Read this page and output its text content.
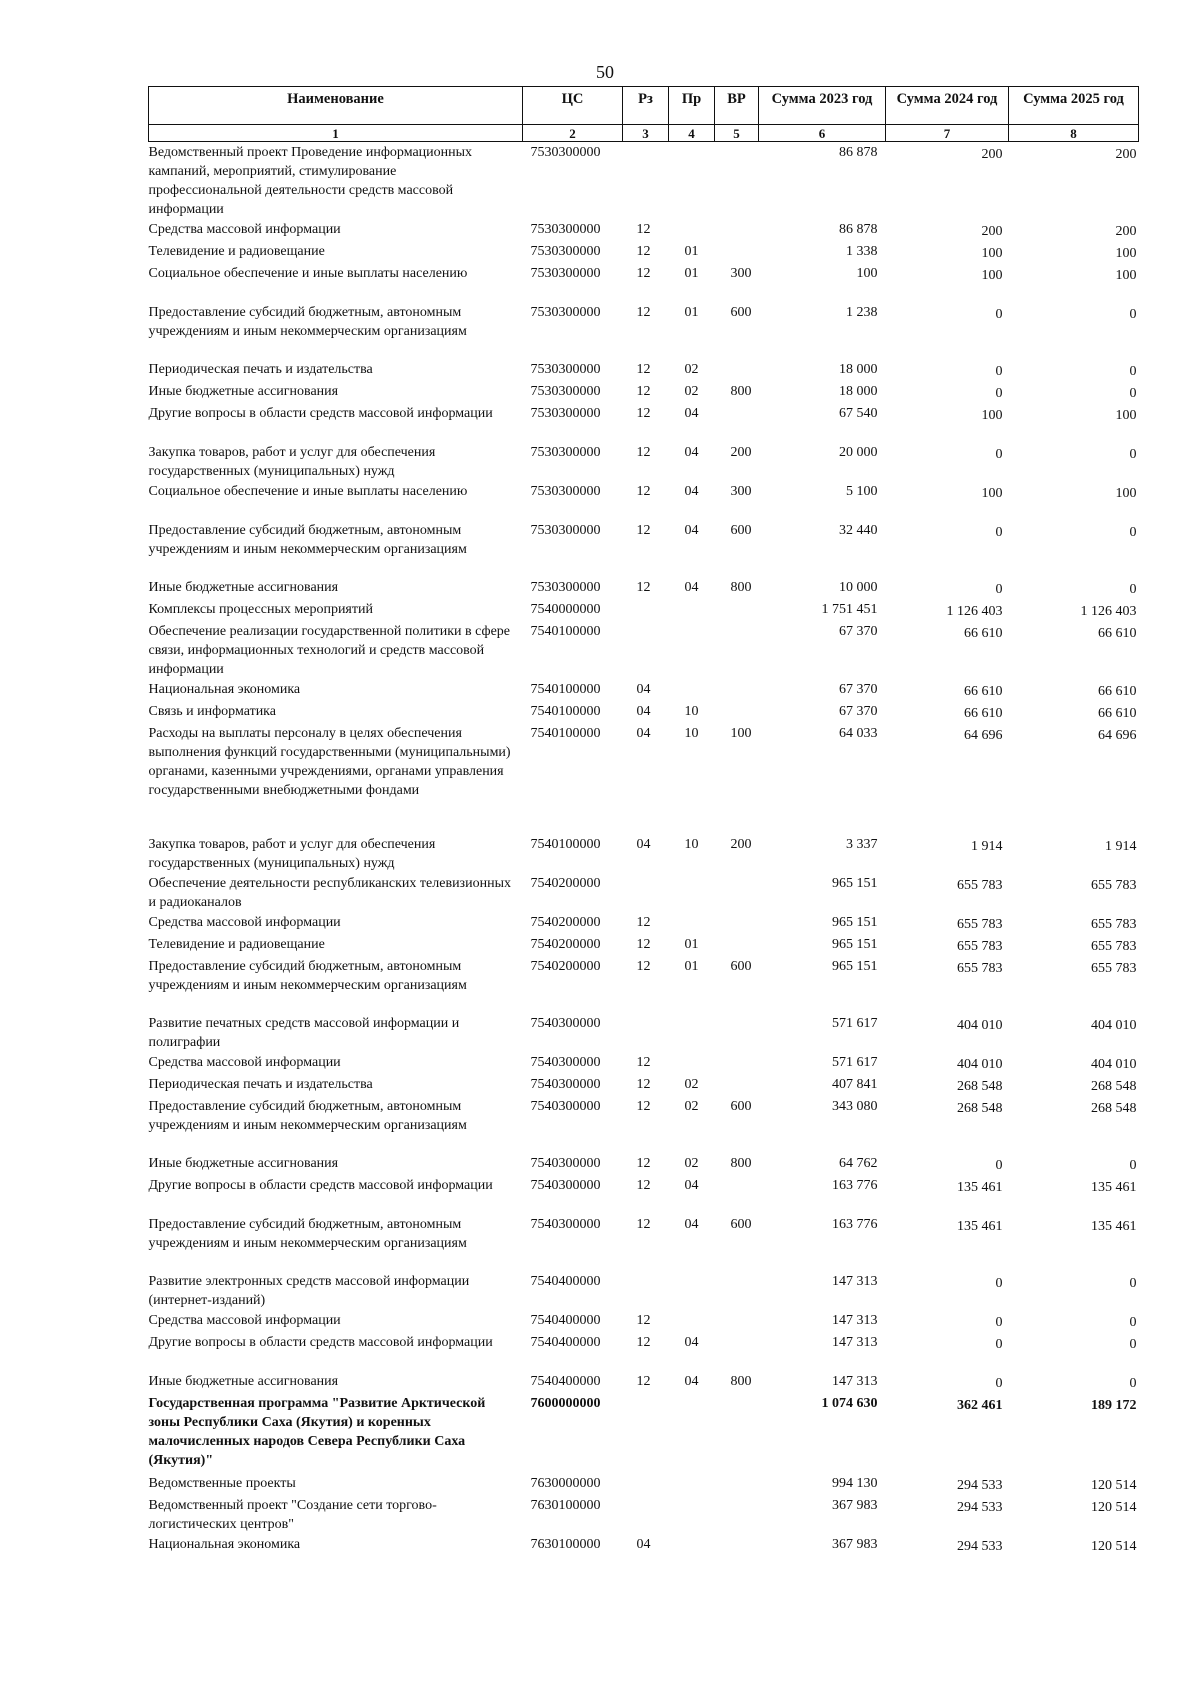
50
Наименование	ЦС	Рз	Пр	ВР	Сумма 2023 год	Сумма 2024 год	Сумма 2025 год
1	2	3	4	5	6	7	8
Ведомственный проект Проведение информационных кампаний, мероприятий, стимулирование профессиональной деятельности средств массовой информации	7530300000				86 878	200	200
Средства массовой информации	7530300000	12			86 878	200	200
Телевидение и радиовещание	7530300000	12	01		1 338	100	100
Социальное обеспечение и иные выплаты населению	7530300000	12	01	300	100	100	100
Предоставление субсидий бюджетным, автономным учреждениям и иным некоммерческим организациям	7530300000	12	01	600	1 238	0	0
Периодическая печать и издательства	7530300000	12	02		18 000	0	0
Иные бюджетные ассигнования	7530300000	12	02	800	18 000	0	0
Другие вопросы в области средств массовой информации	7530300000	12	04		67 540	100	100
Закупка товаров, работ и услуг для обеспечения государственных (муниципальных) нужд	7530300000	12	04	200	20 000	0	0
Социальное обеспечение и иные выплаты населению	7530300000	12	04	300	5 100	100	100
Предоставление субсидий бюджетным, автономным учреждениям и иным некоммерческим организациям	7530300000	12	04	600	32 440	0	0
Иные бюджетные ассигнования	7530300000	12	04	800	10 000	0	0
Комплексы процессных мероприятий	7540000000				1 751 451	1 126 403	1 126 403
Обеспечение реализации государственной политики в сфере связи, информационных технологий и средств массовой информации	7540100000				67 370	66 610	66 610
Национальная экономика	7540100000	04			67 370	66 610	66 610
Связь и информатика	7540100000	04	10		67 370	66 610	66 610
Расходы на выплаты персоналу в целях обеспечения выполнения функций государственными (муниципальными) органами, казенными учреждениями, органами управления государственными внебюджетными фондами	7540100000	04	10	100	64 033	64 696	64 696
Закупка товаров, работ и услуг для обеспечения государственных (муниципальных) нужд	7540100000	04	10	200	3 337	1 914	1 914
Обеспечение деятельности республиканских телевизионных и радиоканалов	7540200000				965 151	655 783	655 783
Средства массовой информации	7540200000	12			965 151	655 783	655 783
Телевидение и радиовещание	7540200000	12	01		965 151	655 783	655 783
Предоставление субсидий бюджетным, автономным учреждениям и иным некоммерческим организациям	7540200000	12	01	600	965 151	655 783	655 783
Развитие печатных средств массовой информации и полиграфии	7540300000				571 617	404 010	404 010
Средства массовой информации	7540300000	12			571 617	404 010	404 010
Периодическая печать и издательства	7540300000	12	02		407 841	268 548	268 548
Предоставление субсидий бюджетным, автономным учреждениям и иным некоммерческим организациям	7540300000	12	02	600	343 080	268 548	268 548
Иные бюджетные ассигнования	7540300000	12	02	800	64 762	0	0
Другие вопросы в области средств массовой информации	7540300000	12	04		163 776	135 461	135 461
Предоставление субсидий бюджетным, автономным учреждениям и иным некоммерческим организациям	7540300000	12	04	600	163 776	135 461	135 461
Развитие электронных средств массовой информации (интернет-изданий)	7540400000				147 313	0	0
Средства массовой информации	7540400000	12			147 313	0	0
Другие вопросы в области средств массовой информации	7540400000	12	04		147 313	0	0
Иные бюджетные ассигнования	7540400000	12	04	800	147 313	0	0
Государственная программа "Развитие Арктической зоны Республики Саха (Якутия) и коренных малочисленных народов Севера Республики Саха (Якутия)"	7600000000				1 074 630	362 461	189 172
Ведомственные проекты	7630000000				994 130	294 533	120 514
Ведомственный проект "Создание сети торгово-логистических центров"	7630100000				367 983	294 533	120 514
Национальная экономика	7630100000	04			367 983	294 533	120 514
